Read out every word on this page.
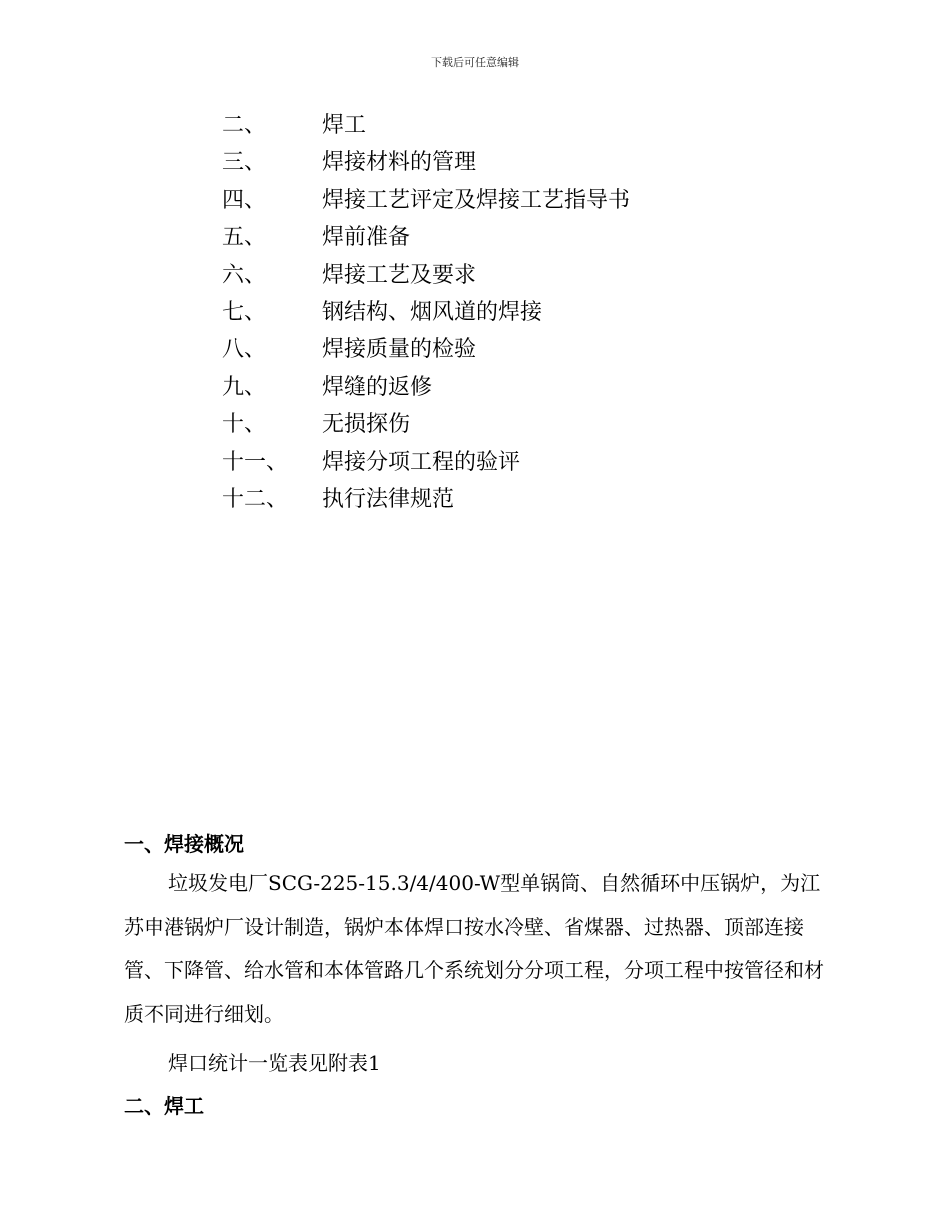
下载后可任意编辑
二、	焊工
三、	焊接材料的管理
四、	焊接工艺评定及焊接工艺指导书
五、	焊前准备
六、	焊接工艺及要求
七、	钢结构、烟风道的焊接
八、	焊接质量的检验
九、	焊缝的返修
十、	无损探伤
十一、 焊接分项工程的验评
十二、 执行法律规范
一、焊接概况

垃圾发电厂SCG-225-15.3/4/400-W型单锅筒、自然循环中压锅炉，为江苏申港锅炉厂设计制造，锅炉本体焊口按水冷壁、省煤器、过热器、顶部连接管、下降管、给水管和本体管路几个系统划分分项工程，分项工程中按管径和材质不同进行细划。

焊口统计一览表见附表1

二、焊工
